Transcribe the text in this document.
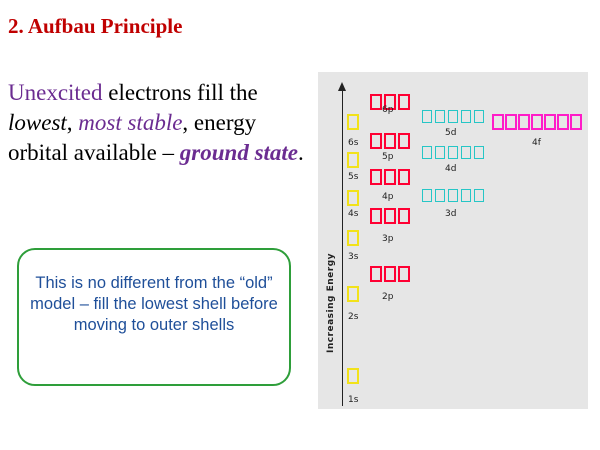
2. Aufbau Principle
Unexcited electrons fill the lowest, most stable, energy orbital available – ground state.
This is no different from the “old” model – fill the lowest shell before moving to outer shells	Increasing Energy
1s
2s
3s
4s
5s
6s
2p
3p
4p
5p
6p
3d
4d
5d
4f
